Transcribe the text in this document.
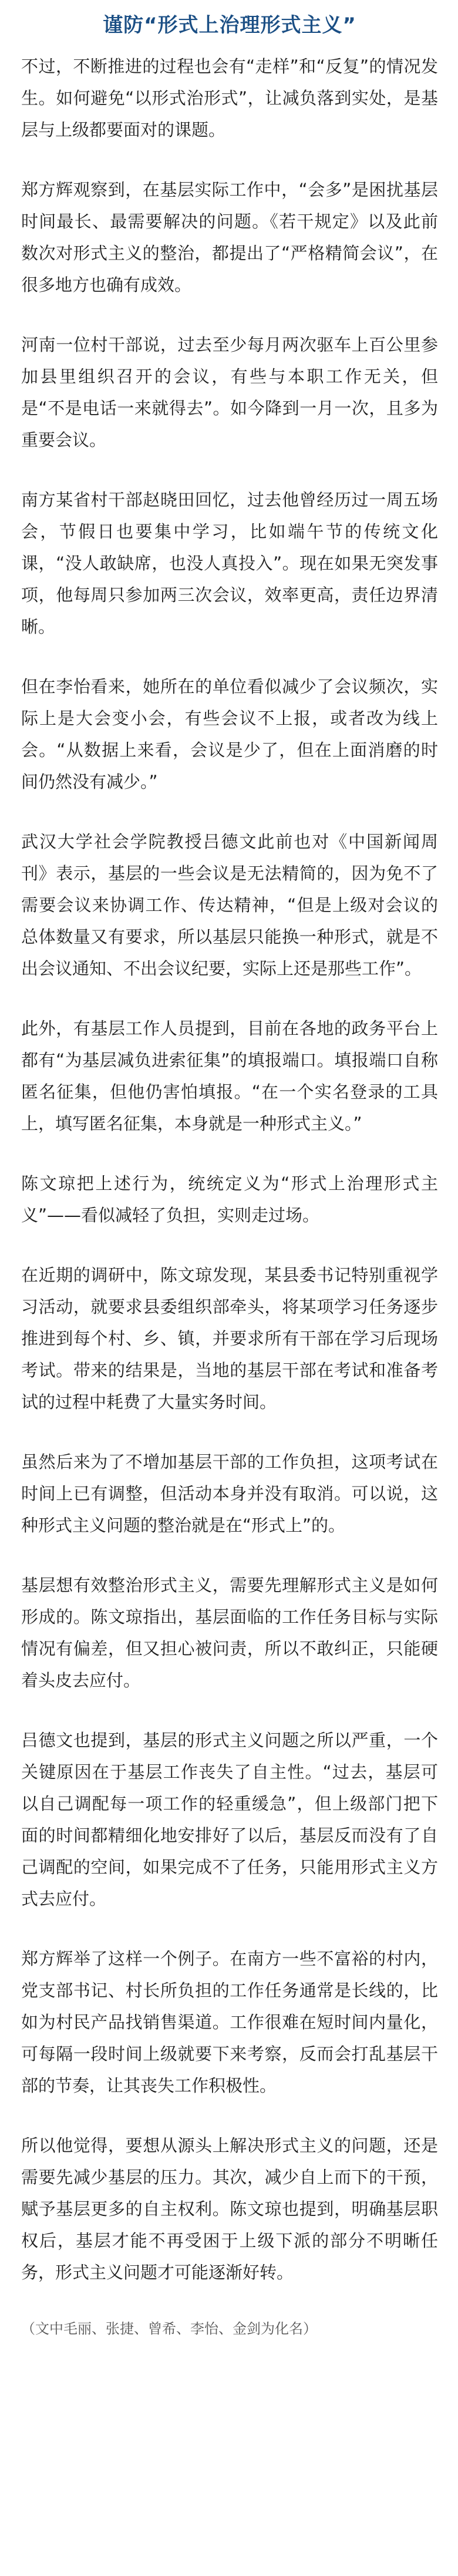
谨防“形式上治理形式主义”

不过，不断推进的过程也会有“走样”和“反复”的情况发生。如何避免“以形式治形式”，让减负落到实处，是基层与上级都要面对的课题。

郑方辉观察到，在基层实际工作中，“会多”是困扰基层时间最长、最需要解决的问题。《若干规定》以及此前数次对形式主义的整治，都提出了“严格精简会议”，在很多地方也确有成效。

河南一位村干部说，过去至少每月两次驱车上百公里参加县里组织召开的会议，有些与本职工作无关，但是“不是电话一来就得去”。如今降到一月一次，且多为重要会议。

南方某省村干部赵晓田回忆，过去他曾经历过一周五场会，节假日也要集中学习，比如端午节的传统文化课，“没人敢缺席，也没人真投入”。现在如果无突发事项，他每周只参加两三次会议，效率更高，责任边界清晰。

但在李怡看来，她所在的单位看似减少了会议频次，实际上是大会变小会，有些会议不上报，或者改为线上会。“从数据上来看，会议是少了，但在上面消磨的时间仍然没有减少。”

武汉大学社会学院教授吕德文此前也对《中国新闻周刊》表示，基层的一些会议是无法精简的，因为免不了需要会议来协调工作、传达精神，“但是上级对会议的总体数量又有要求，所以基层只能换一种形式，就是不出会议通知、不出会议纪要，实际上还是那些工作”。

此外，有基层工作人员提到，目前在各地的政务平台上都有“为基层减负进索征集”的填报端口。填报端口自称匿名征集，但他仍害怕填报。“在一个实名登录的工具上，填写匿名征集，本身就是一种形式主义。”

陈文琼把上述行为，统统定义为“形式上治理形式主义”——看似减轻了负担，实则走过场。

在近期的调研中，陈文琼发现，某县委书记特别重视学习活动，就要求县委组织部牵头，将某项学习任务逐步推进到每个村、乡、镇，并要求所有干部在学习后现场考试。带来的结果是，当地的基层干部在考试和准备考试的过程中耗费了大量实务时间。

虽然后来为了不增加基层干部的工作负担，这项考试在时间上已有调整，但活动本身并没有取消。可以说，这种形式主义问题的整治就是在“形式上”的。

基层想有效整治形式主义，需要先理解形式主义是如何形成的。陈文琼指出，基层面临的工作任务目标与实际情况有偏差，但又担心被问责，所以不敢纠正，只能硬着头皮去应付。

吕德文也提到，基层的形式主义问题之所以严重，一个关键原因在于基层工作丧失了自主性。“过去，基层可以自己调配每一项工作的轻重缓急”，但上级部门把下面的时间都精细化地安排好了以后，基层反而没有了自己调配的空间，如果完成不了任务，只能用形式主义方式去应付。

郑方辉举了这样一个例子。在南方一些不富裕的村内，党支部书记、村长所负担的工作任务通常是长线的，比如为村民产品找销售渠道。工作很难在短时间内量化，可每隔一段时间上级就要下来考察，反而会打乱基层干部的节奏，让其丧失工作积极性。

所以他觉得，要想从源头上解决形式主义的问题，还是需要先减少基层的压力。其次，减少自上而下的干预，赋予基层更多的自主权利。陈文琼也提到，明确基层职权后，基层才能不再受困于上级下派的部分不明晰任务，形式主义问题才可能逐渐好转。

（文中毛丽、张捷、曾希、李怡、金剑为化名）
